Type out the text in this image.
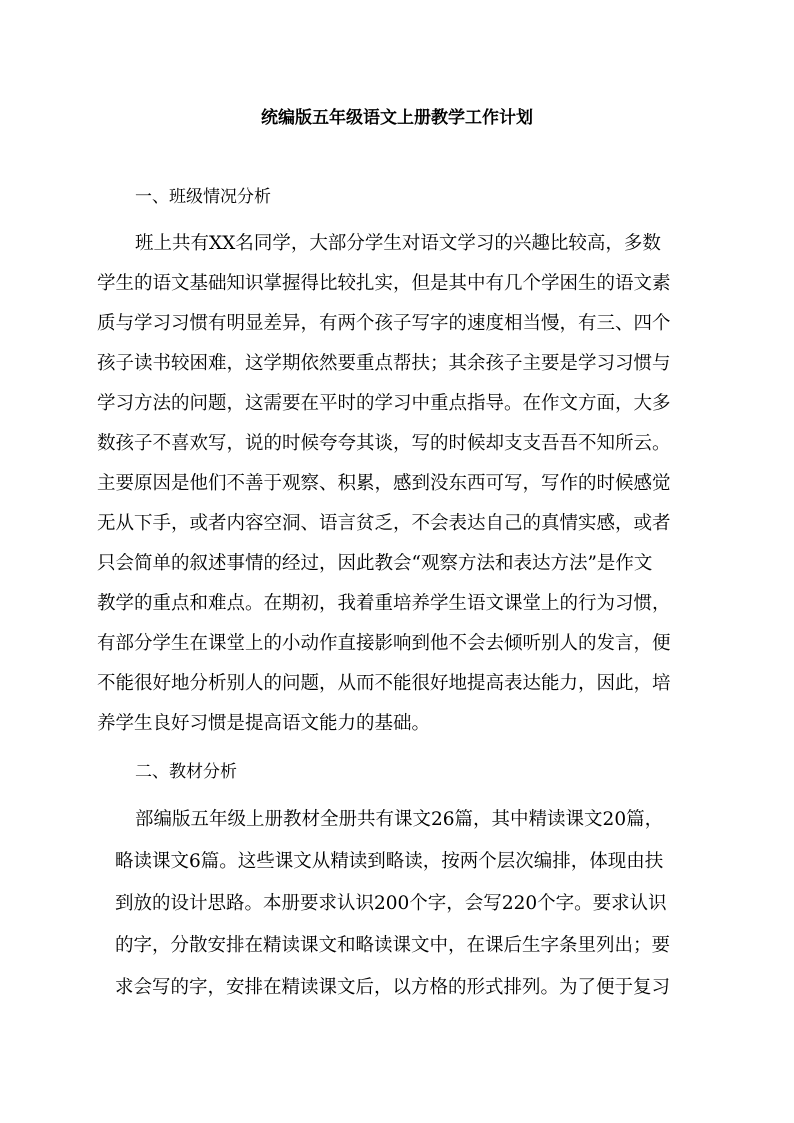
统编版五年级语文上册教学工作计划

一、班级情况分析

班上共有XX名同学，大部分学生对语文学习的兴趣比较高，多数

学生的语文基础知识掌握得比较扎实，但是其中有几个学困生的语文素

质与学习习惯有明显差异，有两个孩子写字的速度相当慢，有三、四个

孩子读书较困难，这学期依然要重点帮扶；其余孩子主要是学习习惯与

学习方法的问题，这需要在平时的学习中重点指导。在作文方面，大多

数孩子不喜欢写，说的时候夸夸其谈，写的时候却支支吾吾不知所云。

主要原因是他们不善于观察、积累，感到没东西可写，写作的时候感觉

无从下手，或者内容空洞、语言贫乏，不会表达自己的真情实感，或者

只会简单的叙述事情的经过，因此教会“观察方法和表达方法”是作文

教学的重点和难点。在期初，我着重培养学生语文课堂上的行为习惯，

有部分学生在课堂上的小动作直接影响到他不会去倾听别人的发言，便

不能很好地分析别人的问题，从而不能很好地提高表达能力，因此，培

养学生良好习惯是提高语文能力的基础。

二、教材分析

部编版五年级上册教材全册共有课文26篇，其中精读课文20篇，

略读课文6篇。这些课文从精读到略读，按两个层次编排，体现由扶

到放的设计思路。本册要求认识200个字，会写220个字。要求认识

的字，分散安排在精读课文和略读课文中，在课后生字条里列出；要

求会写的字，安排在精读课文后，以方格的形式排列。为了便于复习
